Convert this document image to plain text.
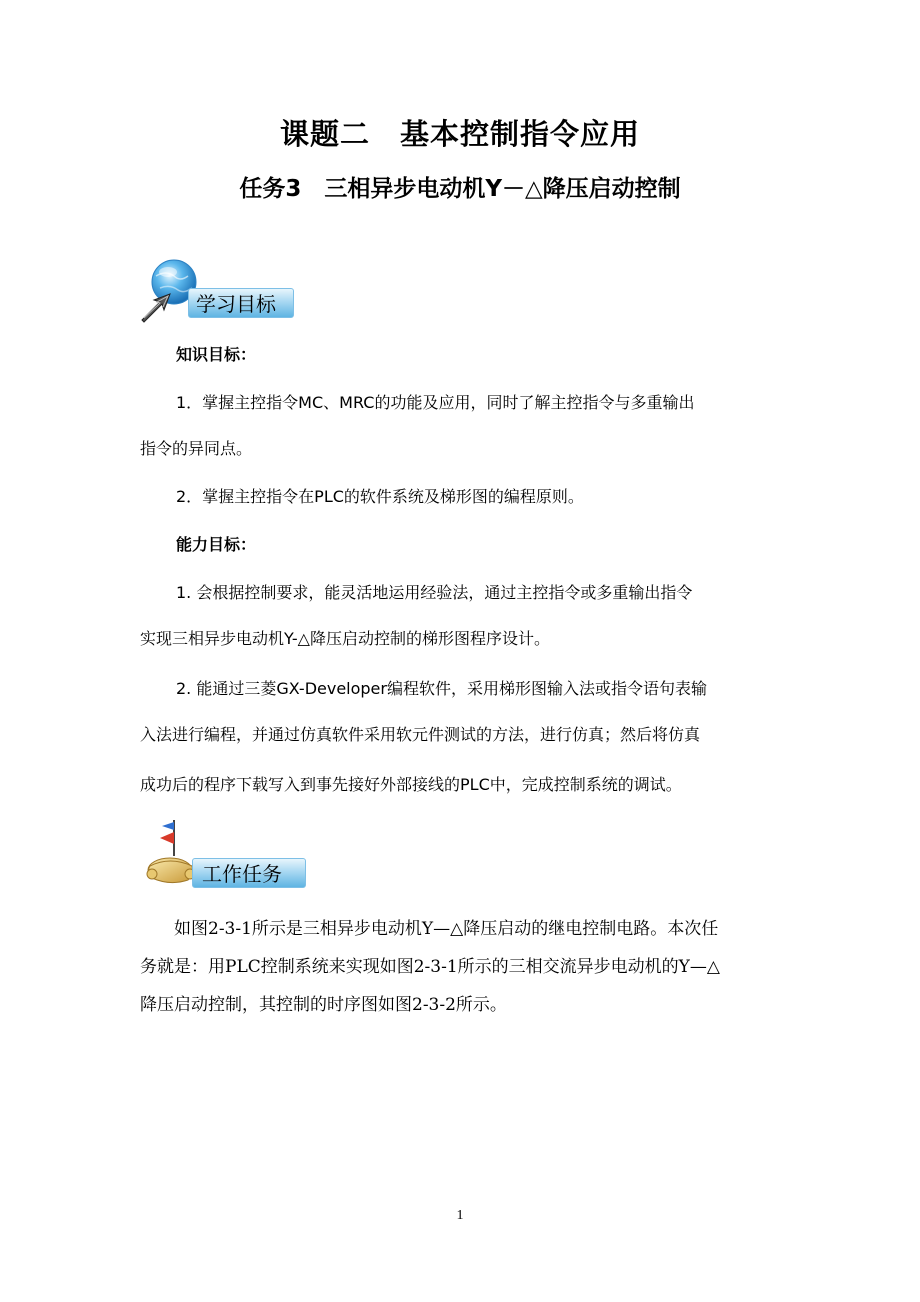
课题二　基本控制指令应用
任务3　三相异步电动机Y－△降压启动控制
学习目标
知识目标：
1．掌握主控指令MC、MRC的功能及应用，同时了解主控指令与多重输出
指令的异同点。
2．掌握主控指令在PLC的软件系统及梯形图的编程原则。
能力目标：
1. 会根据控制要求，能灵活地运用经验法，通过主控指令或多重输出指令
实现三相异步电动机Y-△降压启动控制的梯形图程序设计。
2. 能通过三菱GX-Developer编程软件，采用梯形图输入法或指令语句表输
入法进行编程，并通过仿真软件采用软元件测试的方法，进行仿真；然后将仿真
成功后的程序下载写入到事先接好外部接线的PLC中，完成控制系统的调试。
工作任务
如图2-3-1所示是三相异步电动机Y—△降压启动的继电控制电路。本次任
务就是：用PLC控制系统来实现如图2-3-1所示的三相交流异步电动机的Y—△
降压启动控制，其控制的时序图如图2-3-2所示。
1
